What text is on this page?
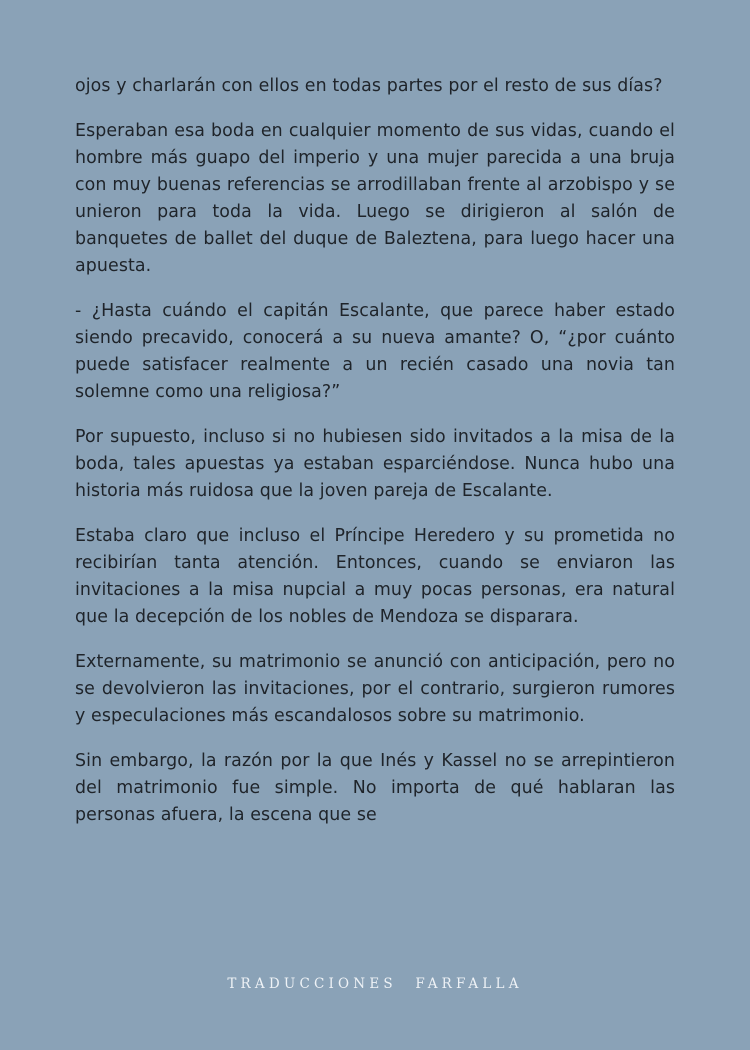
ojos y charlarán con ellos en todas partes por el resto de sus días?

Esperaban esa boda en cualquier momento de sus vidas, cuando el hombre más guapo del imperio y una mujer parecida a una bruja con muy buenas referencias se arrodillaban frente al arzobispo y se unieron para toda la vida. Luego se dirigieron al salón de banquetes de ballet del duque de Baleztena, para luego hacer una apuesta.

- ¿Hasta cuándo el capitán Escalante, que parece haber estado siendo precavido, conocerá a su nueva amante? O, “¿por cuánto puede satisfacer realmente a un recién casado una novia tan solemne como una religiosa?”

Por supuesto, incluso si no hubiesen sido invitados a la misa de la boda, tales apuestas ya estaban esparciéndose. Nunca hubo una historia más ruidosa que la joven pareja de Escalante.

Estaba claro que incluso el Príncipe Heredero y su prometida no recibirían tanta atención. Entonces, cuando se enviaron las invitaciones a la misa nupcial a muy pocas personas, era natural que la decepción de los nobles de Mendoza se disparara.

Externamente, su matrimonio se anunció con anticipación, pero no se devolvieron las invitaciones, por el contrario, surgieron rumores y especulaciones más escandalosos sobre su matrimonio.

Sin embargo, la razón por la que Inés y Kassel no se arrepintieron del matrimonio fue simple. No importa de qué hablaran las personas afuera, la escena que se

TRADUCCIONES FARFALLA
